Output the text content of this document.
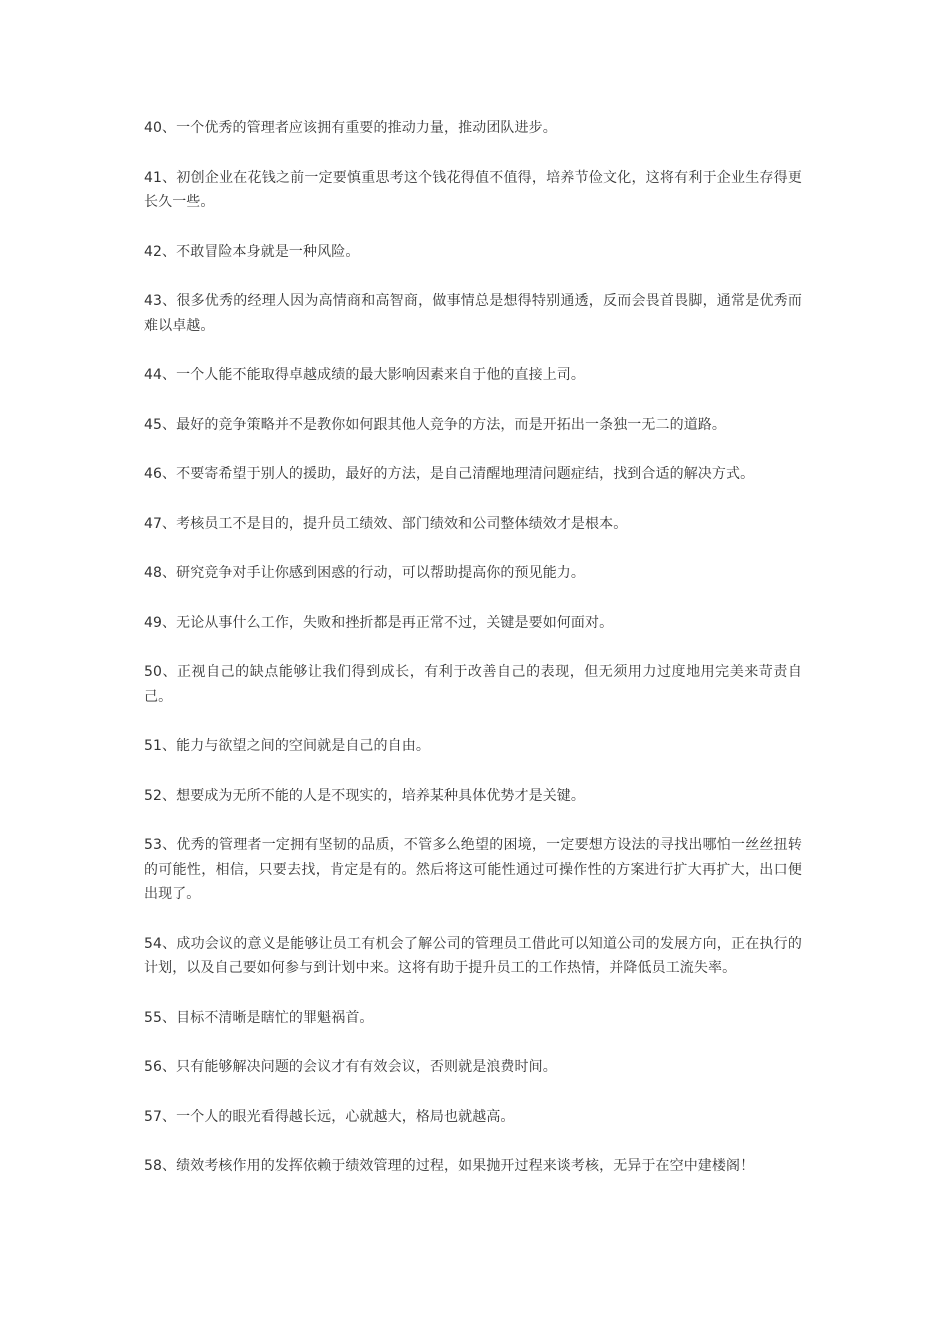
40、一个优秀的管理者应该拥有重要的推动力量，推动团队进步。

41、初创企业在花钱之前一定要慎重思考这个钱花得值不值得，培养节俭文化，这将有利于企业生存得更长久一些。

42、不敢冒险本身就是一种风险。

43、很多优秀的经理人因为高情商和高智商，做事情总是想得特别通透，反而会畏首畏脚，通常是优秀而难以卓越。

44、一个人能不能取得卓越成绩的最大影响因素来自于他的直接上司。

45、最好的竞争策略并不是教你如何跟其他人竞争的方法，而是开拓出一条独一无二的道路。

46、不要寄希望于别人的援助，最好的方法，是自己清醒地理清问题症结，找到合适的解决方式。

47、考核员工不是目的，提升员工绩效、部门绩效和公司整体绩效才是根本。

48、研究竞争对手让你感到困惑的行动，可以帮助提高你的预见能力。

49、无论从事什么工作，失败和挫折都是再正常不过，关键是要如何面对。

50、正视自己的缺点能够让我们得到成长，有利于改善自己的表现，但无须用力过度地用完美来苛责自己。

51、能力与欲望之间的空间就是自己的自由。

52、想要成为无所不能的人是不现实的，培养某种具体优势才是关键。

53、优秀的管理者一定拥有坚韧的品质，不管多么绝望的困境，一定要想方设法的寻找出哪怕一丝丝扭转的可能性，相信，只要去找，肯定是有的。然后将这可能性通过可操作性的方案进行扩大再扩大，出口便出现了。

54、成功会议的意义是能够让员工有机会了解公司的管理员工借此可以知道公司的发展方向，正在执行的计划，以及自己要如何参与到计划中来。这将有助于提升员工的工作热情，并降低员工流失率。

55、目标不清晰是瞎忙的罪魁祸首。

56、只有能够解决问题的会议才有有效会议，否则就是浪费时间。

57、一个人的眼光看得越长远，心就越大，格局也就越高。

58、绩效考核作用的发挥依赖于绩效管理的过程，如果抛开过程来谈考核，无异于在空中建楼阁！
